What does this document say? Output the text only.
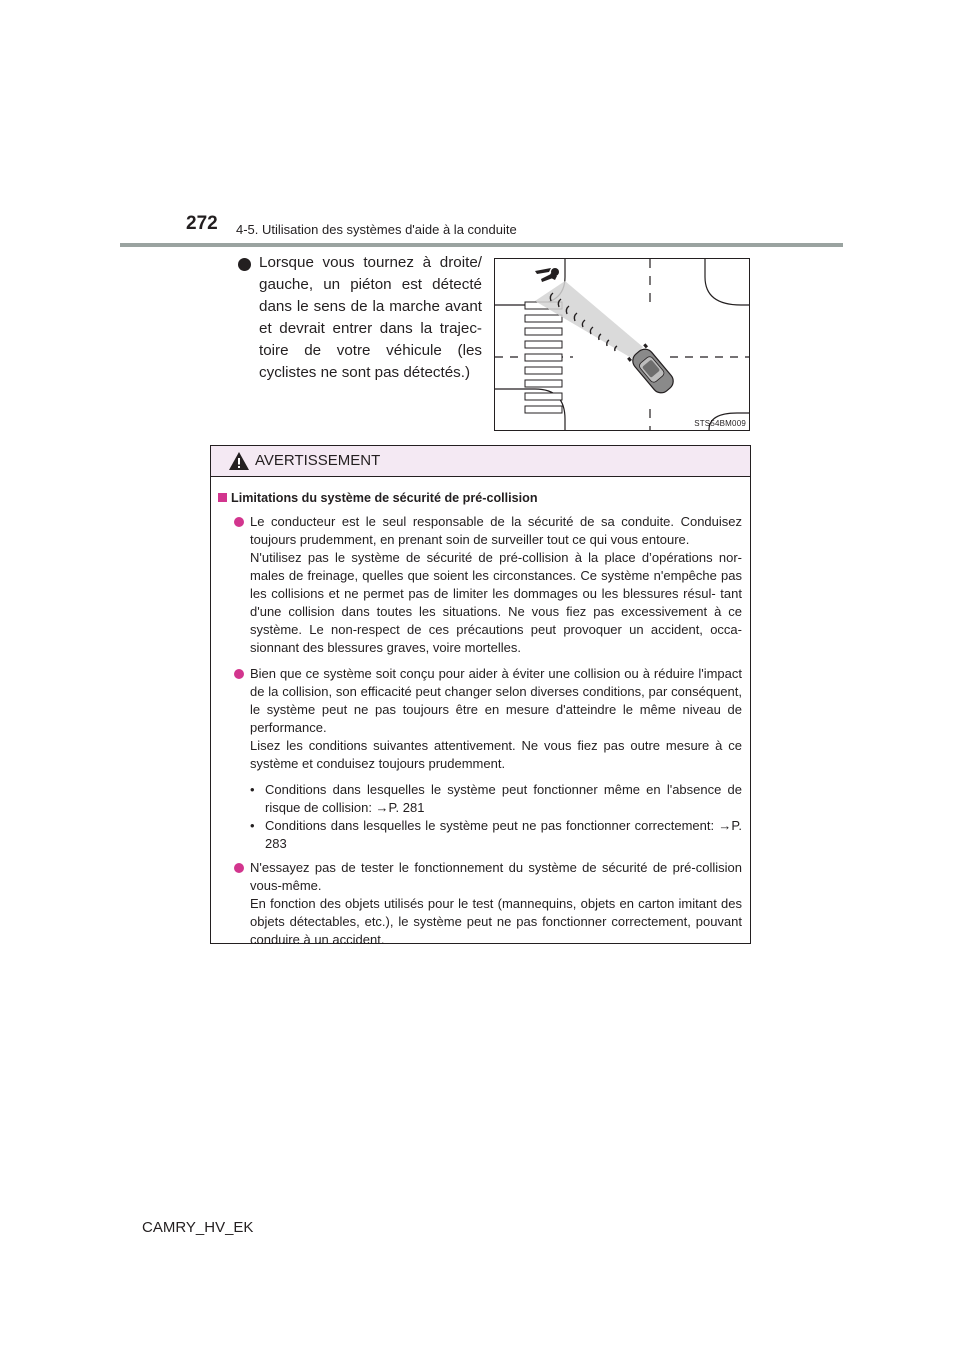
272 4-5. Utilisation des systèmes d'aide à la conduite
Lorsque vous tournez à droite/ gauche, un piéton est détecté dans le sens de la marche avant et devrait entrer dans la trajec- toire de votre véhicule (les cyclistes ne sont pas détectés.)
STS54BM009
AVERTISSEMENT
Limitations du système de sécurité de pré-collision

Le conducteur est le seul responsable de la sécurité de sa conduite. Conduisez toujours prudemment, en prenant soin de surveiller tout ce qui vous entoure.

N'utilisez pas le système de sécurité de pré-collision à la place d’opérations nor- males de freinage, quelles que soient les circonstances. Ce système n'empêche pas les collisions et ne permet pas de limiter les dommages ou les blessures résul- tant d'une collision dans toutes les situations. Ne vous fiez pas excessivement à ce système. Le non-respect de ces précautions peut provoquer un accident, occa- sionnant des blessures graves, voire mortelles.

Bien que ce système soit conçu pour aider à éviter une collision ou à réduire l'impact de la collision, son efficacité peut changer selon diverses conditions, par conséquent, le système peut ne pas toujours être en mesure d'atteindre le même niveau de performance.

Lisez les conditions suivantes attentivement. Ne vous fiez pas outre mesure à ce système et conduisez toujours prudemment.

• Conditions dans lesquelles le système peut fonctionner même en l'absence de risque de collision: →P. 281
• Conditions dans lesquelles le système peut ne pas fonctionner correctement: →P. 283

N'essayez pas de tester le fonctionnement du système de sécurité de pré-collision vous-même.

En fonction des objets utilisés pour le test (mannequins, objets en carton imitant des objets détectables, etc.), le système peut ne pas fonctionner correctement, pouvant conduire à un accident.

CAMRY_HV_EK
